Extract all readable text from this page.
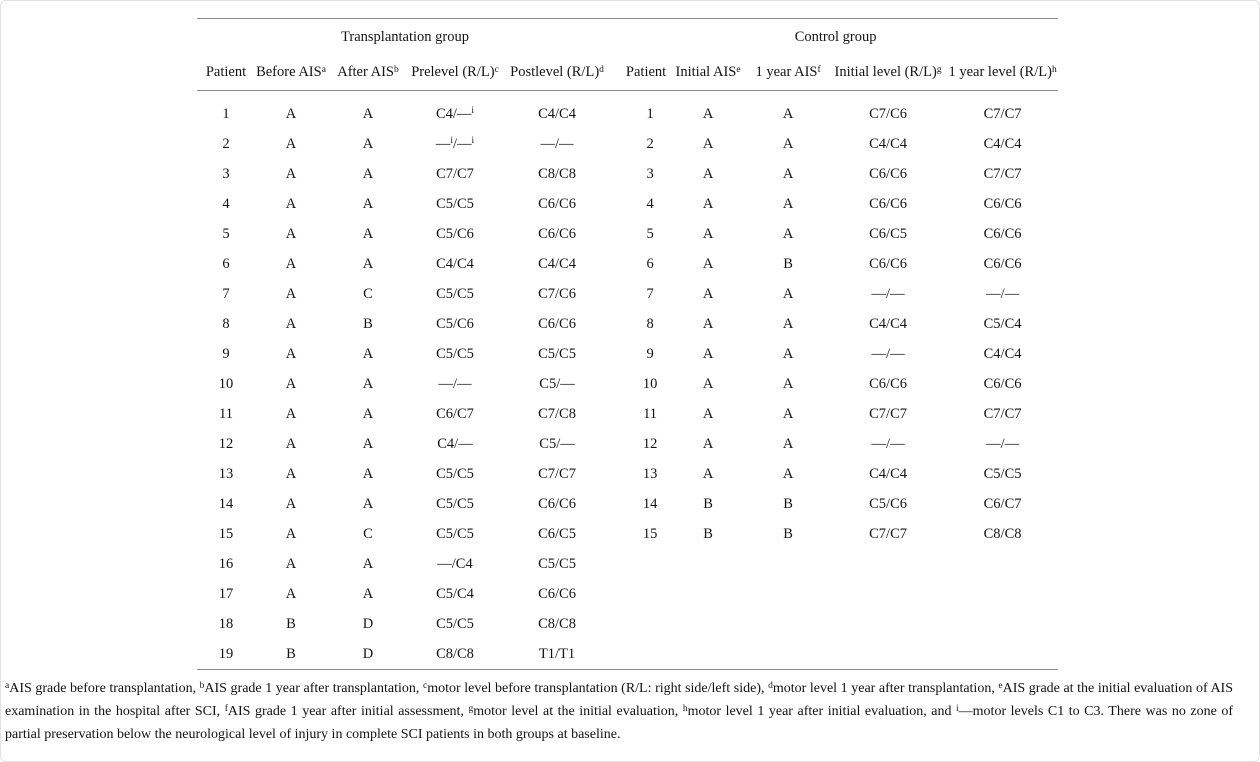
Transplantation group					Control group				
Patient	Before AIS$^a$	After AIS$^b$	Prelevel $(R/L)^c$	Postlevel $(R/L)^d$	Patient	Initial AIS$^e$	1 year AIS$^f$	Initial level $(R/L)^g$	1 year level $(R/L)^h$
1	A	A	C4/—$^i$	C4/C4	1	A	A	C7/C6	C7/C7
2	A	A	—$^i$/—$^i$	—/—	2	A	A	C4/C4	C4/C4
3	A	A	C7/C7	C8/C8	3	A	A	C6/C6	C7/C7
4	A	A	C5/C5	C6/C6	4	A	A	C6/C6	C6/C6
5	A	A	C5/C6	C6/C6	5	A	A	C6/C5	C6/C6
6	A	A	C4/C4	C4/C4	6	A	B	C6/C6	C6/C6
7	A	C	C5/C5	C7/C6	7	A	A	—/—	—/—
8	A	B	C5/C6	C6/C6	8	A	A	C4/C4	C5/C4
9	A	A	C5/C5	C5/C5	9	A	A	—/—	C4/C4
10	A	A	—/—	C5/—	10	A	A	C6/C6	C6/C6
11	A	A	C6/C7	C7/C8	11	A	A	C7/C7	C7/C7
12	A	A	C4/—	C5/—	12	A	A	—/—	—/—
13	A	A	C5/C5	C7/C7	13	A	A	C4/C4	C5/C5
14	A	A	C5/C5	C6/C6	14	B	B	C5/C6	C6/C7
15	A	C	C5/C5	C6/C5	15	B	B	C7/C7	C8/C8
16	A	A	—/C4	C5/C5					
17	A	A	C5/C4	C6/C6					
18	B	D	C5/C5	C8/C8					
19	B	D	C8/C8	T1/T1					

$^a$AIS grade before transplantation, $^b$AIS grade 1 year after transplantation, $^c$motor level before transplantation (R/L: right side/left side), $^d$motor level 1 year after transplantation, $^e$AIS grade at the initial evaluation of AIS examination in the hospital after SCI, $^f$AIS grade 1 year after initial assessment, $^g$motor level at the initial evaluation, $^h$motor level 1 year after initial evaluation, and $^i$—motor levels C1 to C3. There was no zone of partial preservation below the neurological level of injury in complete SCI patients in both groups at baseline.
